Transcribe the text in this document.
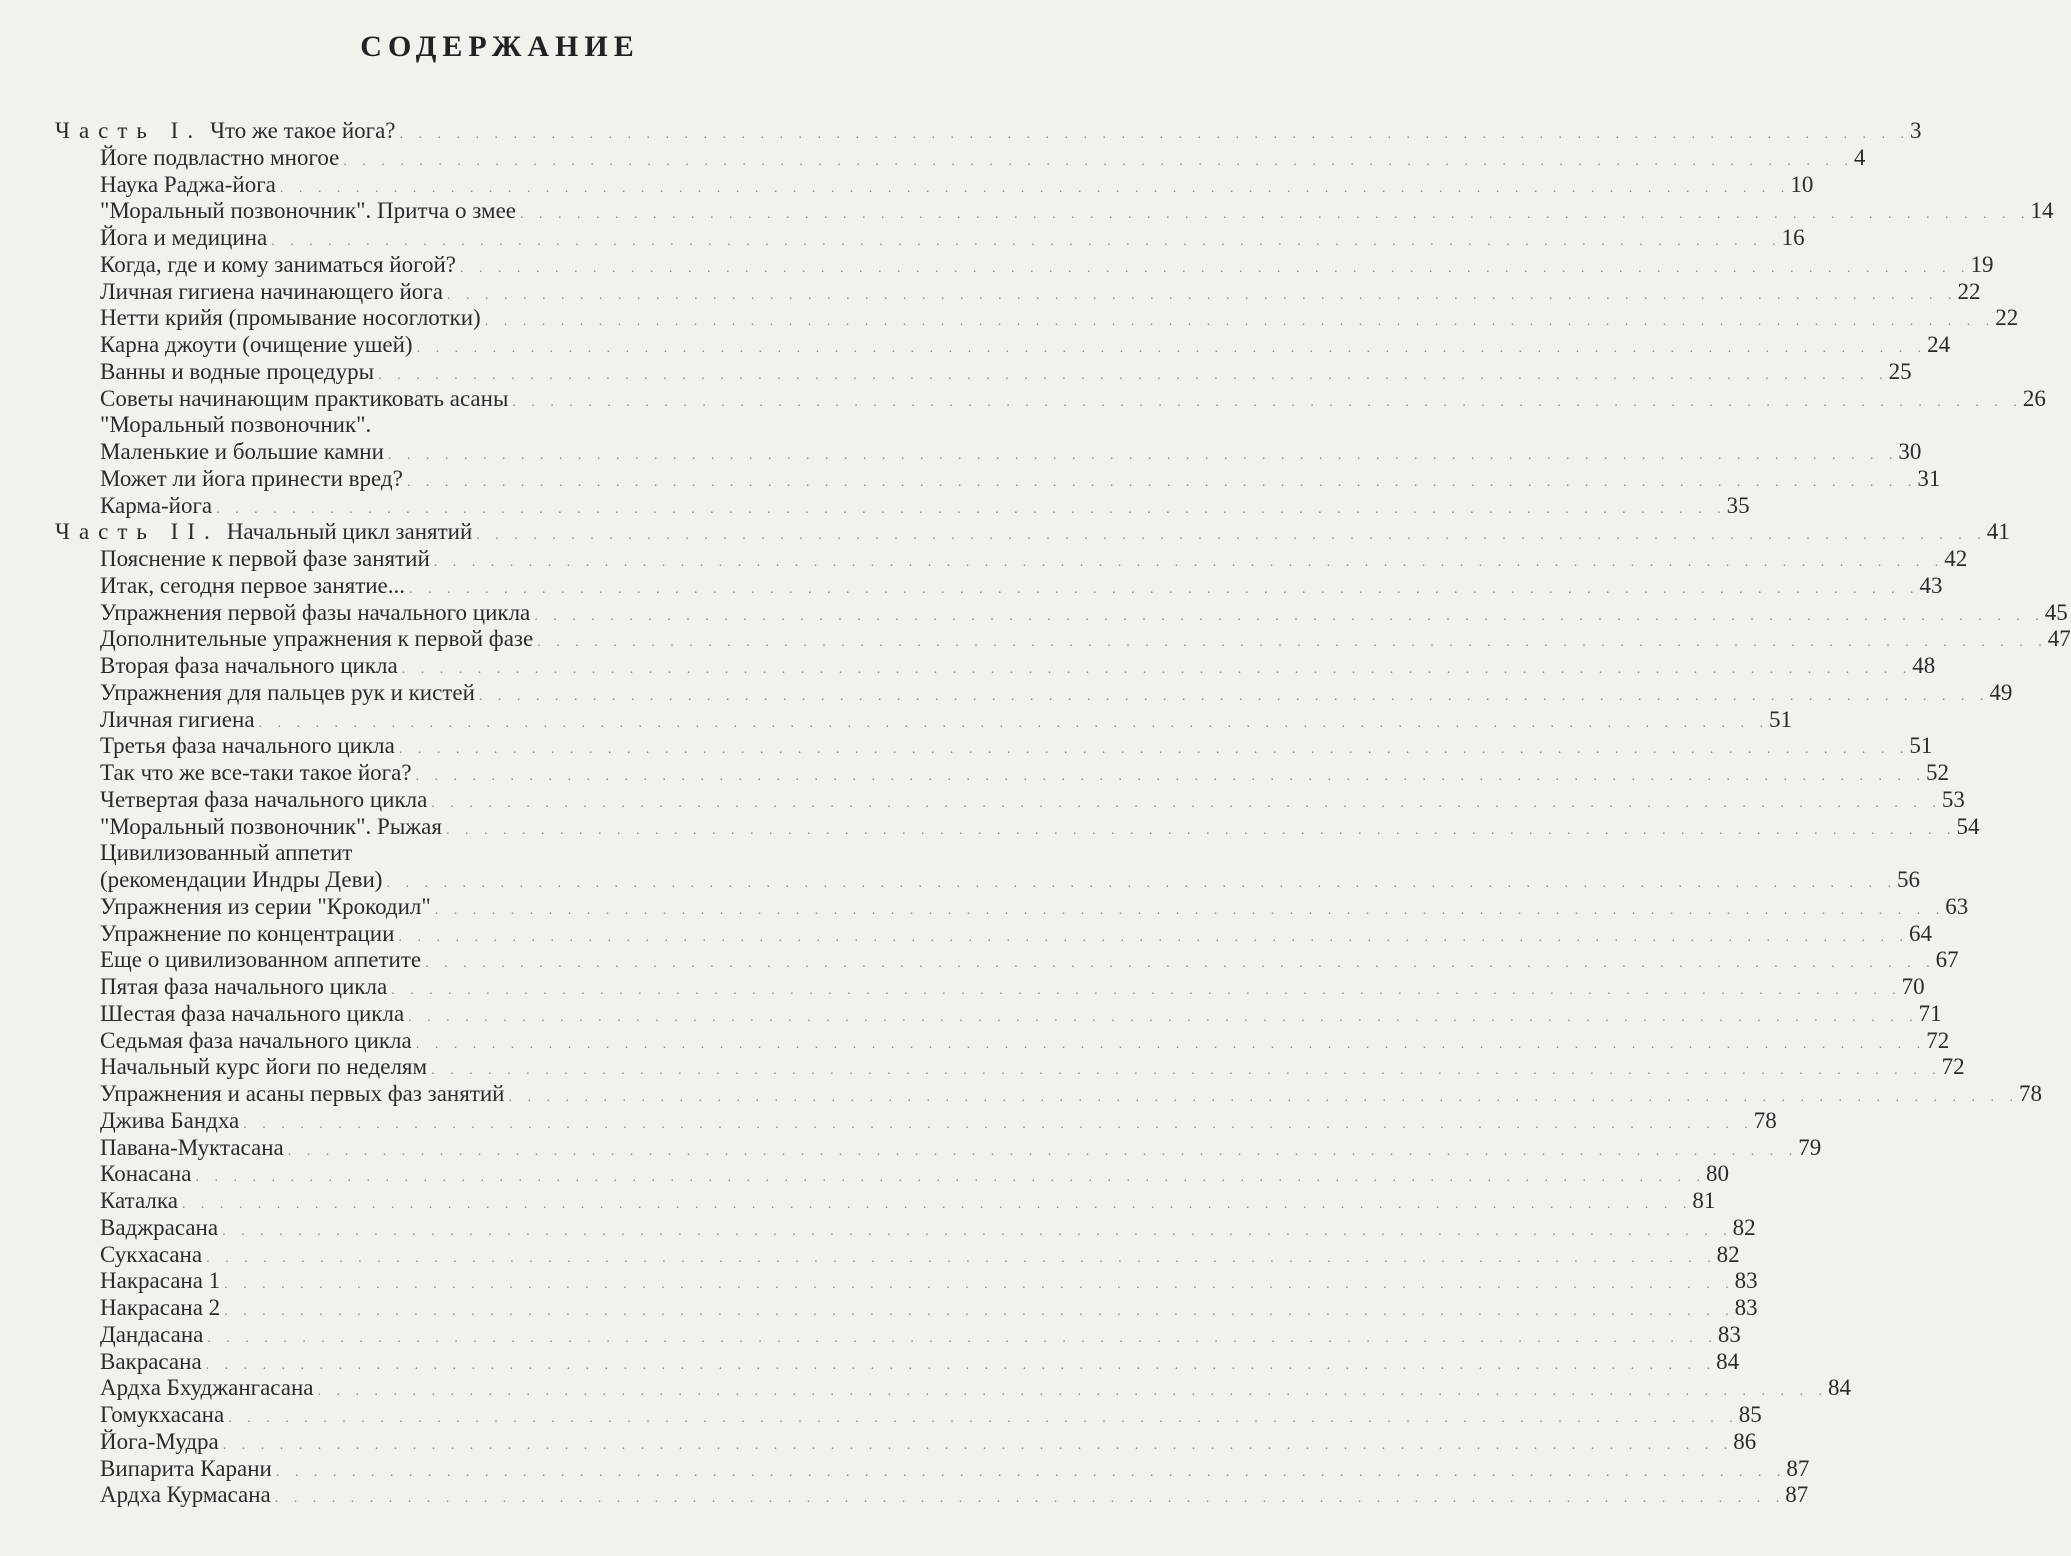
СОДЕРЖАНИЕ
Часть I. Что же такое йога? . . . . . . . . . . . . . . . . . . . . . . . . . . . . . . . . . . . . . . . . . . . . . . . . . . . . . . . . . . . . . . . . . . . . . . . . . . . . . . . . 3
Йоге подвластно многое . . . . . . . . . . . . . . . . . . . . . . . . . . . . . . . . . . . . . . . . . . . . . . . . . . . . . . . . . . . . . . . . . . . . . . . . . . . . . . . . 4
Наука Раджа-йога . . . . . . . . . . . . . . . . . . . . . . . . . . . . . . . . . . . . . . . . . . . . . . . . . . . . . . . . . . . . . . . . . . . . . . . . . . . . . . . . 10
"Моральный позвоночник". Притча о змее . . . . . . . . . . . . . . . . . . . . . . . . . . . . . . . . . . . . . . . . . . . . . . . . . . . . . . . . . . . . . . . . . . . . . . . . . . . . . . . . 14
Йога и медицина . . . . . . . . . . . . . . . . . . . . . . . . . . . . . . . . . . . . . . . . . . . . . . . . . . . . . . . . . . . . . . . . . . . . . . . . . . . . . . . . 16
Когда, где и кому заниматься йогой? . . . . . . . . . . . . . . . . . . . . . . . . . . . . . . . . . . . . . . . . . . . . . . . . . . . . . . . . . . . . . . . . . . . . . . . . . . . . . . . . 19
Личная гигиена начинающего йога . . . . . . . . . . . . . . . . . . . . . . . . . . . . . . . . . . . . . . . . . . . . . . . . . . . . . . . . . . . . . . . . . . . . . . . . . . . . . . . . 22
Нетти крийя (промывание носоглотки) . . . . . . . . . . . . . . . . . . . . . . . . . . . . . . . . . . . . . . . . . . . . . . . . . . . . . . . . . . . . . . . . . . . . . . . . . . . . . . . . 22
Карна джоути (очищение ушей) . . . . . . . . . . . . . . . . . . . . . . . . . . . . . . . . . . . . . . . . . . . . . . . . . . . . . . . . . . . . . . . . . . . . . . . . . . . . . . . . 24
Ванны и водные процедуры . . . . . . . . . . . . . . . . . . . . . . . . . . . . . . . . . . . . . . . . . . . . . . . . . . . . . . . . . . . . . . . . . . . . . . . . . . . . . . . . 25
Советы начинающим практиковать асаны . . . . . . . . . . . . . . . . . . . . . . . . . . . . . . . . . . . . . . . . . . . . . . . . . . . . . . . . . . . . . . . . . . . . . . . . . . . . . . . . 26
"Моральный позвоночник".
Маленькие и большие камни . . . . . . . . . . . . . . . . . . . . . . . . . . . . . . . . . . . . . . . . . . . . . . . . . . . . . . . . . . . . . . . . . . . . . . . . . . . . . . . . 30
Может ли йога принести вред? . . . . . . . . . . . . . . . . . . . . . . . . . . . . . . . . . . . . . . . . . . . . . . . . . . . . . . . . . . . . . . . . . . . . . . . . . . . . . . . . 31
Карма-йога . . . . . . . . . . . . . . . . . . . . . . . . . . . . . . . . . . . . . . . . . . . . . . . . . . . . . . . . . . . . . . . . . . . . . . . . . . . . . . . . 35
Часть II. Начальный цикл занятий . . . . . . . . . . . . . . . . . . . . . . . . . . . . . . . . . . . . . . . . . . . . . . . . . . . . . . . . . . . . . . . . . . . . . . . . . . . . . . . . 41
Пояснение к первой фазе занятий . . . . . . . . . . . . . . . . . . . . . . . . . . . . . . . . . . . . . . . . . . . . . . . . . . . . . . . . . . . . . . . . . . . . . . . . . . . . . . . . 42
Итак, сегодня первое занятие... . . . . . . . . . . . . . . . . . . . . . . . . . . . . . . . . . . . . . . . . . . . . . . . . . . . . . . . . . . . . . . . . . . . . . . . . . . . . . . . . 43
Упражнения первой фазы начального цикла . . . . . . . . . . . . . . . . . . . . . . . . . . . . . . . . . . . . . . . . . . . . . . . . . . . . . . . . . . . . . . . . . . . . . . . . . . . . . . . . 45
Дополнительные упражнения к первой фазе . . . . . . . . . . . . . . . . . . . . . . . . . . . . . . . . . . . . . . . . . . . . . . . . . . . . . . . . . . . . . . . . . . . . . . . . . . . . . . . . 47
Вторая фаза начального цикла . . . . . . . . . . . . . . . . . . . . . . . . . . . . . . . . . . . . . . . . . . . . . . . . . . . . . . . . . . . . . . . . . . . . . . . . . . . . . . . . 48
Упражнения для пальцев рук и кистей . . . . . . . . . . . . . . . . . . . . . . . . . . . . . . . . . . . . . . . . . . . . . . . . . . . . . . . . . . . . . . . . . . . . . . . . . . . . . . . . 49
Личная гигиена . . . . . . . . . . . . . . . . . . . . . . . . . . . . . . . . . . . . . . . . . . . . . . . . . . . . . . . . . . . . . . . . . . . . . . . . . . . . . . . . 51
Третья фаза начального цикла . . . . . . . . . . . . . . . . . . . . . . . . . . . . . . . . . . . . . . . . . . . . . . . . . . . . . . . . . . . . . . . . . . . . . . . . . . . . . . . . 51
Так что же все-таки такое йога? . . . . . . . . . . . . . . . . . . . . . . . . . . . . . . . . . . . . . . . . . . . . . . . . . . . . . . . . . . . . . . . . . . . . . . . . . . . . . . . . 52
Четвертая фаза начального цикла . . . . . . . . . . . . . . . . . . . . . . . . . . . . . . . . . . . . . . . . . . . . . . . . . . . . . . . . . . . . . . . . . . . . . . . . . . . . . . . . 53
"Моральный позвоночник". Рыжая . . . . . . . . . . . . . . . . . . . . . . . . . . . . . . . . . . . . . . . . . . . . . . . . . . . . . . . . . . . . . . . . . . . . . . . . . . . . . . . . 54
Цивилизованный аппетит
(рекомендации Индры Деви) . . . . . . . . . . . . . . . . . . . . . . . . . . . . . . . . . . . . . . . . . . . . . . . . . . . . . . . . . . . . . . . . . . . . . . . . . . . . . . . . 56
Упражнения из серии "Крокодил" . . . . . . . . . . . . . . . . . . . . . . . . . . . . . . . . . . . . . . . . . . . . . . . . . . . . . . . . . . . . . . . . . . . . . . . . . . . . . . . . 63
Упражнение по концентрации . . . . . . . . . . . . . . . . . . . . . . . . . . . . . . . . . . . . . . . . . . . . . . . . . . . . . . . . . . . . . . . . . . . . . . . . . . . . . . . . 64
Еще о цивилизованном аппетите . . . . . . . . . . . . . . . . . . . . . . . . . . . . . . . . . . . . . . . . . . . . . . . . . . . . . . . . . . . . . . . . . . . . . . . . . . . . . . . . 67
Пятая фаза начального цикла . . . . . . . . . . . . . . . . . . . . . . . . . . . . . . . . . . . . . . . . . . . . . . . . . . . . . . . . . . . . . . . . . . . . . . . . . . . . . . . . 70
Шестая фаза начального цикла . . . . . . . . . . . . . . . . . . . . . . . . . . . . . . . . . . . . . . . . . . . . . . . . . . . . . . . . . . . . . . . . . . . . . . . . . . . . . . . . 71
Седьмая фаза начального цикла . . . . . . . . . . . . . . . . . . . . . . . . . . . . . . . . . . . . . . . . . . . . . . . . . . . . . . . . . . . . . . . . . . . . . . . . . . . . . . . . 72
Начальный курс йоги по неделям . . . . . . . . . . . . . . . . . . . . . . . . . . . . . . . . . . . . . . . . . . . . . . . . . . . . . . . . . . . . . . . . . . . . . . . . . . . . . . . . 72
Упражнения и асаны первых фаз занятий . . . . . . . . . . . . . . . . . . . . . . . . . . . . . . . . . . . . . . . . . . . . . . . . . . . . . . . . . . . . . . . . . . . . . . . . . . . . . . . . 78
Джива Бандха . . . . . . . . . . . . . . . . . . . . . . . . . . . . . . . . . . . . . . . . . . . . . . . . . . . . . . . . . . . . . . . . . . . . . . . . . . . . . . . . 78
Павана-Муктасана . . . . . . . . . . . . . . . . . . . . . . . . . . . . . . . . . . . . . . . . . . . . . . . . . . . . . . . . . . . . . . . . . . . . . . . . . . . . . . . . 79
Конасана . . . . . . . . . . . . . . . . . . . . . . . . . . . . . . . . . . . . . . . . . . . . . . . . . . . . . . . . . . . . . . . . . . . . . . . . . . . . . . . . 80
Каталка . . . . . . . . . . . . . . . . . . . . . . . . . . . . . . . . . . . . . . . . . . . . . . . . . . . . . . . . . . . . . . . . . . . . . . . . . . . . . . . . 81
Ваджрасана . . . . . . . . . . . . . . . . . . . . . . . . . . . . . . . . . . . . . . . . . . . . . . . . . . . . . . . . . . . . . . . . . . . . . . . . . . . . . . . . 82
Сукхасана . . . . . . . . . . . . . . . . . . . . . . . . . . . . . . . . . . . . . . . . . . . . . . . . . . . . . . . . . . . . . . . . . . . . . . . . . . . . . . . . 82
Накрасана 1 . . . . . . . . . . . . . . . . . . . . . . . . . . . . . . . . . . . . . . . . . . . . . . . . . . . . . . . . . . . . . . . . . . . . . . . . . . . . . . . . 83
Накрасана 2 . . . . . . . . . . . . . . . . . . . . . . . . . . . . . . . . . . . . . . . . . . . . . . . . . . . . . . . . . . . . . . . . . . . . . . . . . . . . . . . . 83
Дандасана . . . . . . . . . . . . . . . . . . . . . . . . . . . . . . . . . . . . . . . . . . . . . . . . . . . . . . . . . . . . . . . . . . . . . . . . . . . . . . . . 83
Вакрасана . . . . . . . . . . . . . . . . . . . . . . . . . . . . . . . . . . . . . . . . . . . . . . . . . . . . . . . . . . . . . . . . . . . . . . . . . . . . . . . . 84
Ардха Бхуджангасана . . . . . . . . . . . . . . . . . . . . . . . . . . . . . . . . . . . . . . . . . . . . . . . . . . . . . . . . . . . . . . . . . . . . . . . . . . . . . . . . 84
Гомукхасана . . . . . . . . . . . . . . . . . . . . . . . . . . . . . . . . . . . . . . . . . . . . . . . . . . . . . . . . . . . . . . . . . . . . . . . . . . . . . . . . 85
Йога-Мудра . . . . . . . . . . . . . . . . . . . . . . . . . . . . . . . . . . . . . . . . . . . . . . . . . . . . . . . . . . . . . . . . . . . . . . . . . . . . . . . . 86
Випарита Карани . . . . . . . . . . . . . . . . . . . . . . . . . . . . . . . . . . . . . . . . . . . . . . . . . . . . . . . . . . . . . . . . . . . . . . . . . . . . . . . . 87
Ардха Курмасана . . . . . . . . . . . . . . . . . . . . . . . . . . . . . . . . . . . . . . . . . . . . . . . . . . . . . . . . . . . . . . . . . . . . . . . . . . . . . . . . 87
